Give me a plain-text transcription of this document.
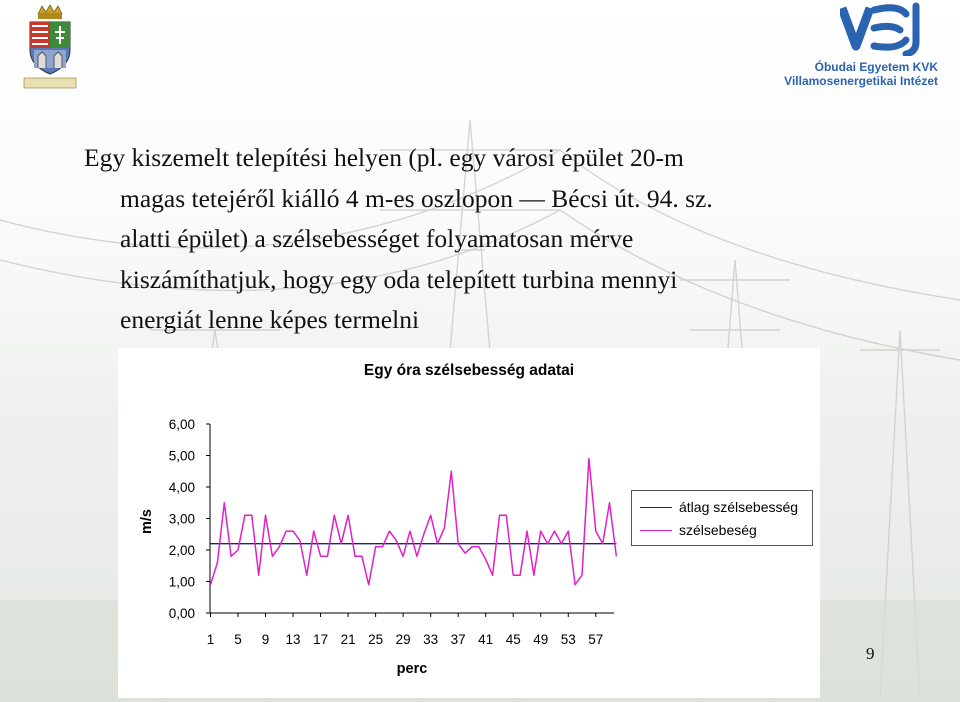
Óbudai Egyetem KVK
Villamosenergetikai Intézet
Egy kiszemelt telepítési helyen (pl. egy városi épület 20-m
magas tetejéről kiálló 4 m-es oszlopon — Bécsi út. 94. sz.
alatti épület) a szélsebességet folyamatosan mérve
kiszámíthatjuk, hogy egy oda telepített turbina mennyi
energiát lenne képes termelni
Egy óra szélsebesség adatai
6,00
5,00
4,00
3,00
2,00
1,00
0,00
1 5 9 13 17 21 25 29 33 37 41 45 49 53 57
perc
m/s
átlag szélsebesség
szélsebeség
9
